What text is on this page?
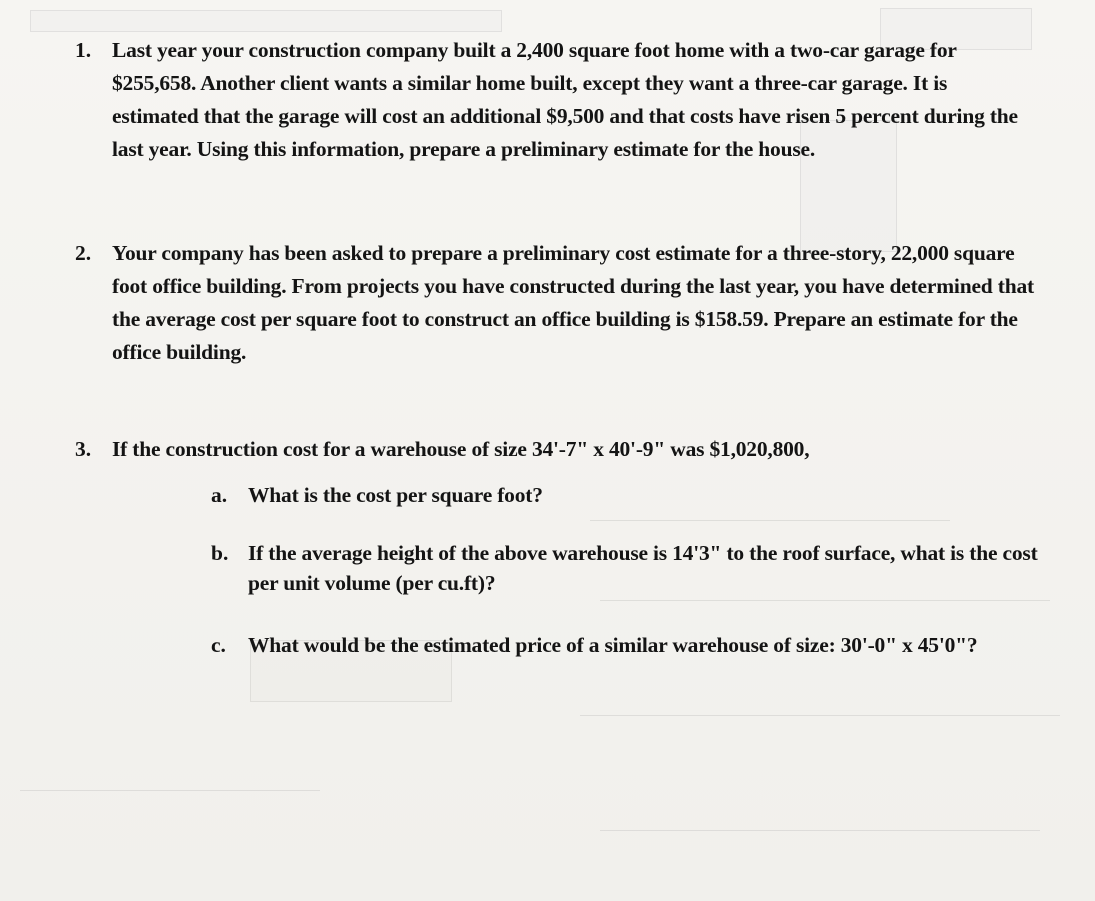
1. Last year your construction company built a 2,400 square foot home with a two-car garage for $255,658. Another client wants a similar home built, except they want a three-car garage. It is estimated that the garage will cost an additional $9,500 and that costs have risen 5 percent during the last year. Using this information, prepare a preliminary estimate for the house.
2. Your company has been asked to prepare a preliminary cost estimate for a three-story, 22,000 square foot office building. From projects you have constructed during the last year, you have determined that the average cost per square foot to construct an office building is $158.59. Prepare an estimate for the office building.
3. If the construction cost for a warehouse of size 34'-7" x 40'-9" was $1,020,800,
a. What is the cost per square foot?
b. If the average height of the above warehouse is 14'3" to the roof surface, what is the cost per unit volume (per cu.ft)?
c.	What would be the estimated price of a similar warehouse of size: 30'-0" x 45'0"?
